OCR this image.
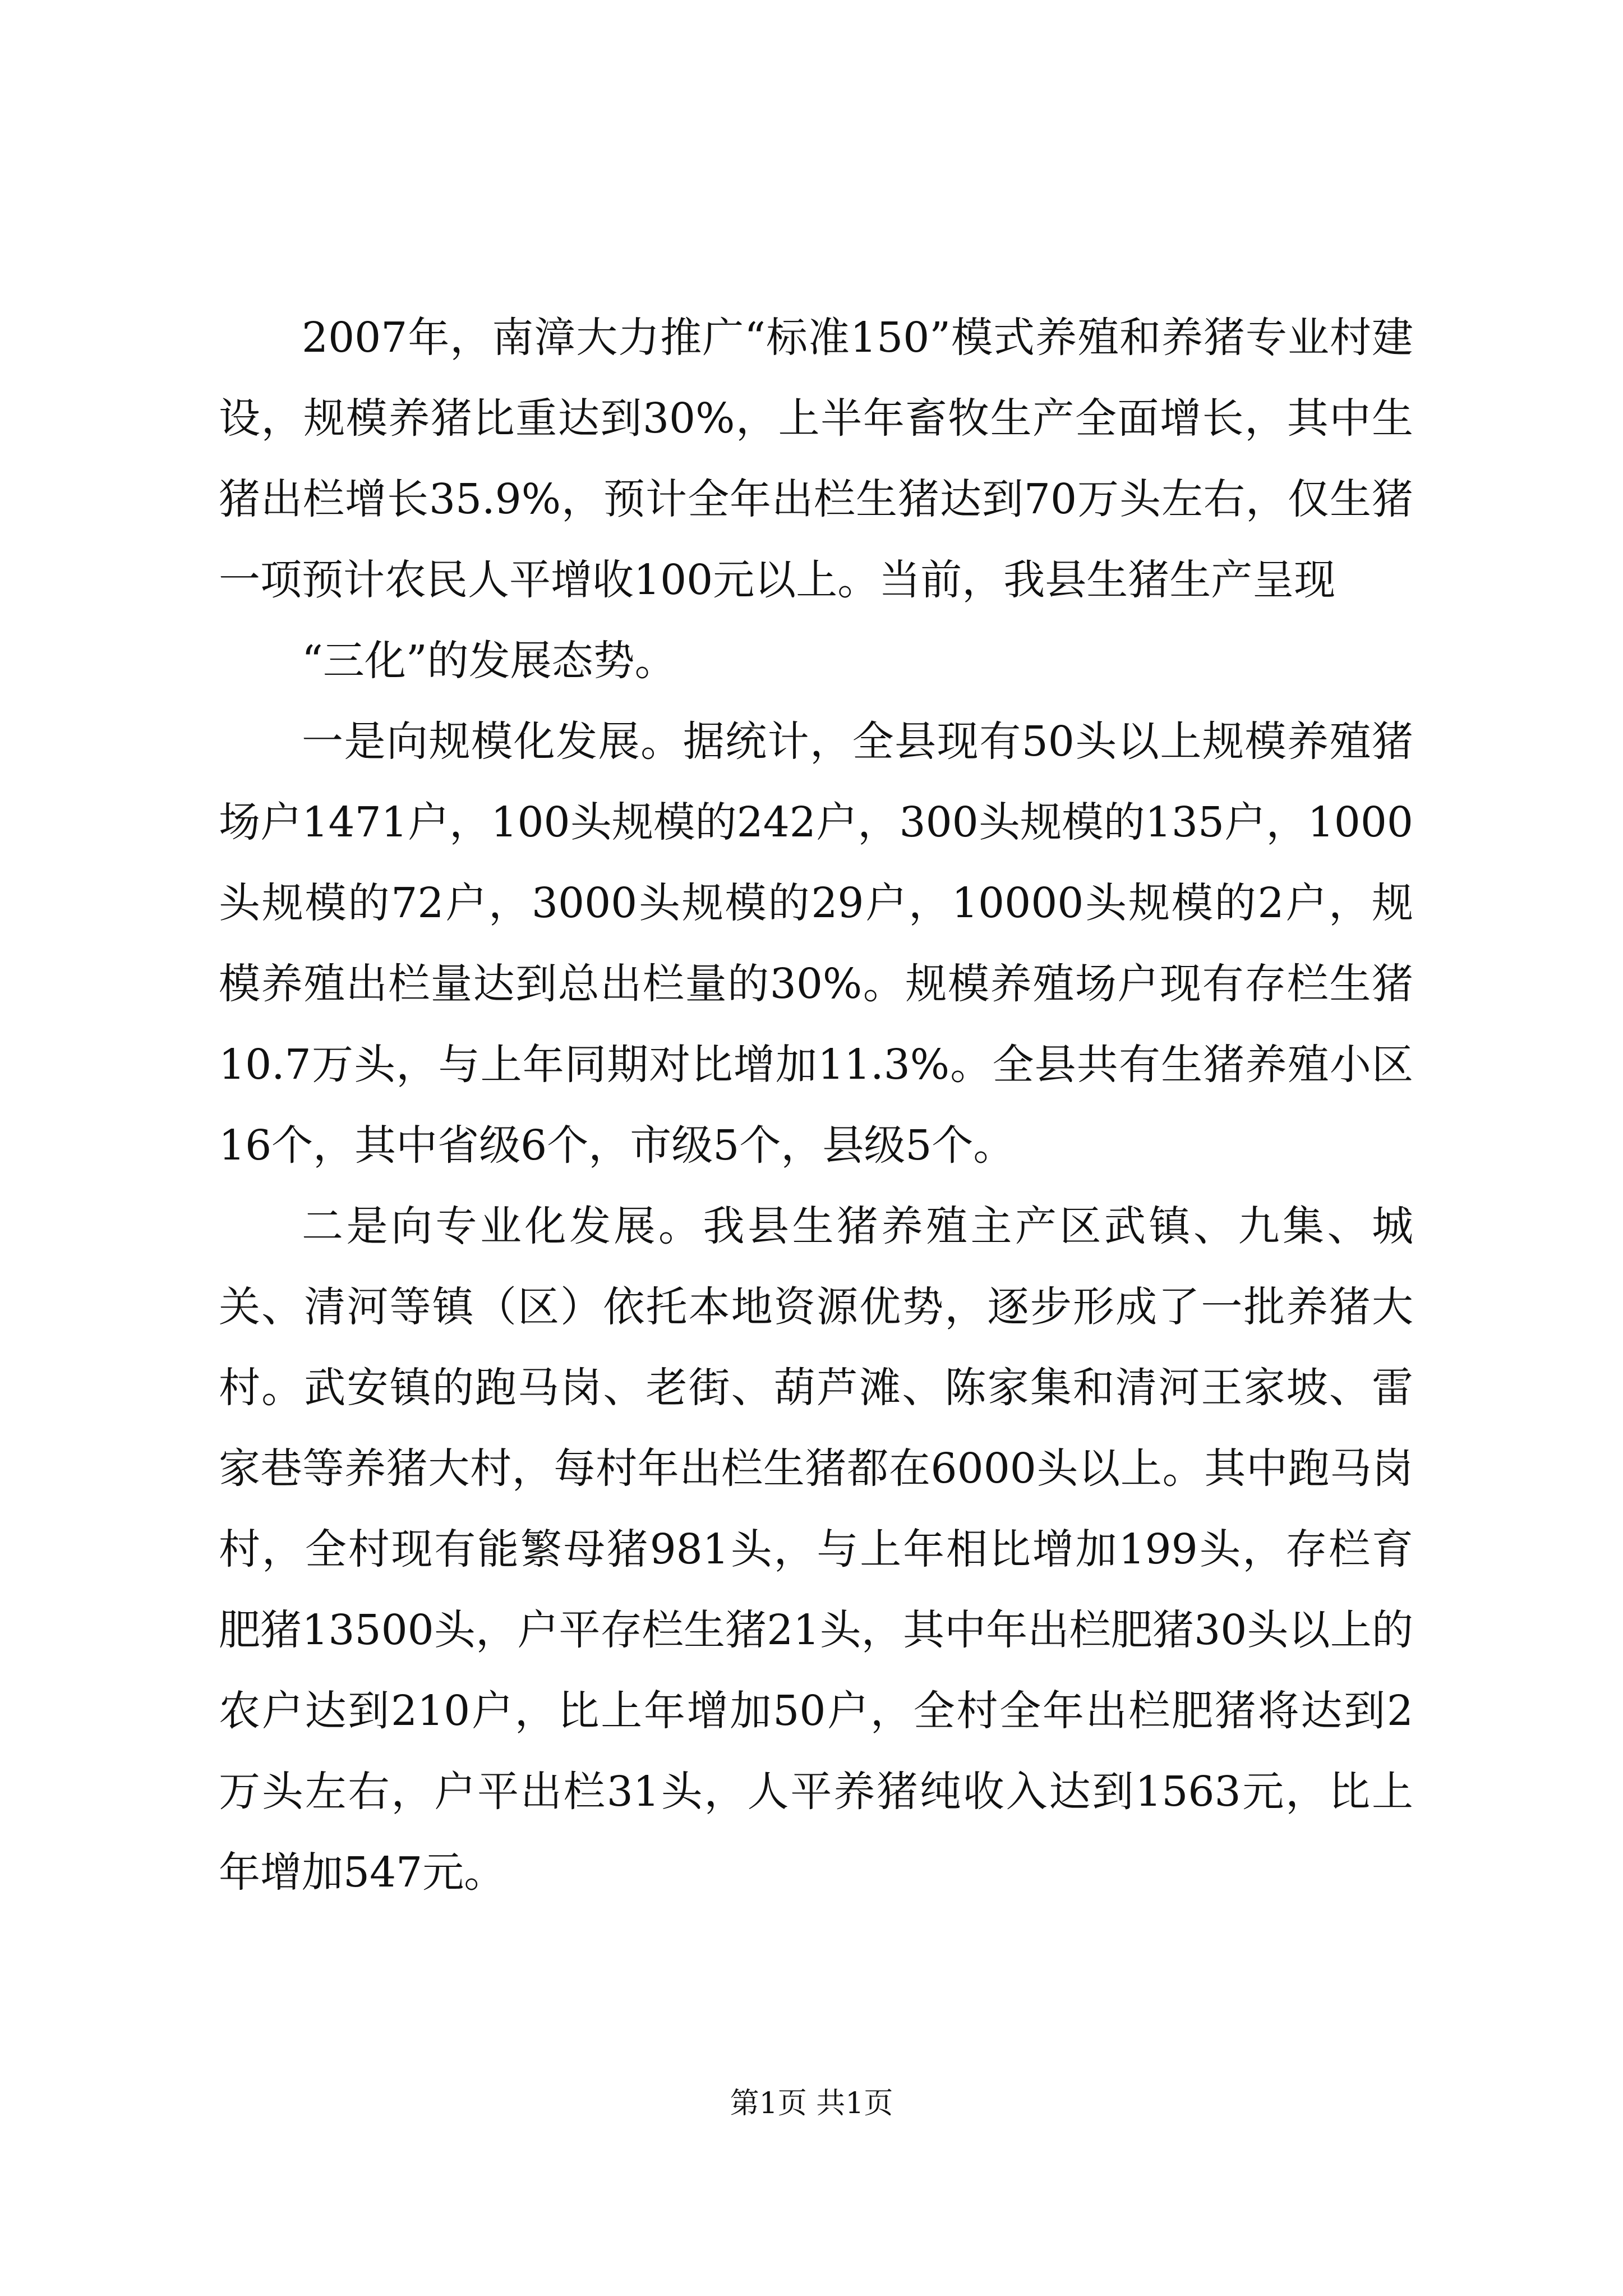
2007年，南漳大力推广“标准150”模式养殖和养猪专业村建设，规模养猪比重达到30%，上半年畜牧生产全面增长，其中生猪出栏增长35.9%，预计全年出栏生猪达到70万头左右，仅生猪一项预计农民人平增收100元以上。当前，我县生猪生产呈现

“三化”的发展态势。

一是向规模化发展。据统计，全县现有50头以上规模养殖猪场户1471户，100头规模的242户，300头规模的135户，1000头规模的72户，3000头规模的29户，10000头规模的2户，规模养殖出栏量达到总出栏量的30%。规模养殖场户现有存栏生猪10.7万头，与上年同期对比增加11.3%。全县共有生猪养殖小区16个，其中省级6个，市级5个，县级5个。

二是向专业化发展。我县生猪养殖主产区武镇、九集、城关、清河等镇（区）依托本地资源优势，逐步形成了一批养猪大村。武安镇的跑马岗、老街、葫芦滩、陈家集和清河王家坡、雷家巷等养猪大村，每村年出栏生猪都在6000头以上。其中跑马岗村，全村现有能繁母猪981头，与上年相比增加199头，存栏育肥猪13500头，户平存栏生猪21头，其中年出栏肥猪30头以上的农户达到210户，比上年增加50户，全村全年出栏肥猪将达到2万头左右，户平出栏31头，人平养猪纯收入达到1563元，比上年增加547元。

第1页 共1页
